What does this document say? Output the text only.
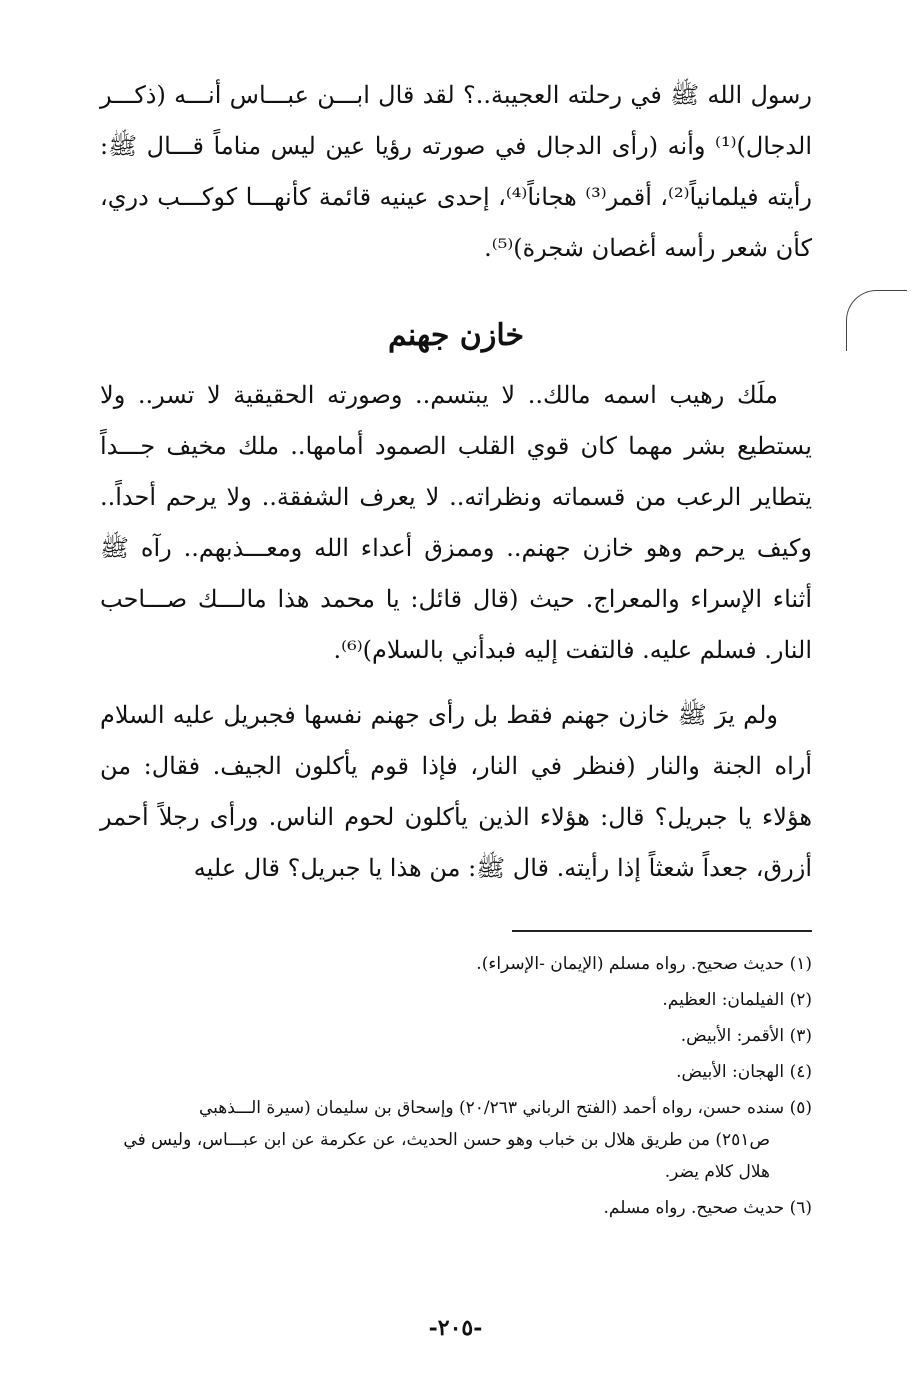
رسول الله ﷺ في رحلته العجيبة..؟ لقد قال ابـــن عبـــاس أنـــه (ذكـــر الدجال)⁽¹⁾ وأنه (رأى الدجال في صورته رؤيا عين ليس مناماً قـــال ﷺ: رأيته فيلمانياً⁽²⁾، أقمر⁽³⁾ هجاناً⁽⁴⁾، إحدى عينيه قائمة كأنهـــا كوكـــب دري، كأن شعر رأسه أغصان شجرة)⁽⁵⁾.

خازن جهنم

ملَك رهيب اسمه مالك.. لا يبتسم.. وصورته الحقيقية لا تسر.. ولا يستطيع بشر مهما كان قوي القلب الصمود أمامها.. ملك مخيف جـــداً يتطاير الرعب من قسماته ونظراته.. لا يعرف الشفقة.. ولا يرحم أحداً.. وكيف يرحم وهو خازن جهنم.. وممزق أعداء الله ومعـــذبهم.. رآه ﷺ أثناء الإسراء والمعراج. حيث (قال قائل: يا محمد هذا مالـــك صـــاحب النار. فسلم عليه. فالتفت إليه فبدأني بالسلام)⁽⁶⁾.

ولم يرَ ﷺ خازن جهنم فقط بل رأى جهنم نفسها فجبريل عليه السلام أراه الجنة والنار (فنظر في النار، فإذا قوم يأكلون الجيف. فقال: من هؤلاء يا جبريل؟ قال: هؤلاء الذين يأكلون لحوم الناس. ورأى رجلاً أحمر أزرق، جعداً شعثاً إذا رأيته. قال ﷺ: من هذا يا جبريل؟ قال عليه

(١) حديث صحيح. رواه مسلم (الإيمان -الإسراء).
(٢) الفيلمان: العظيم.
(٣) الأقمر: الأبيض.
(٤) الهجان: الأبيض.
(٥) سنده حسن، رواه أحمد (الفتح الرباني ٢٠/٢٦٣) وإسحاق بن سليمان (سيرة الـــذهبي
ص٢٥١) من طريق هلال بن خباب وهو حسن الحديث، عن عكرمة عن ابن عبـــاس، وليس في هلال كلام يضر.
(٦) حديث صحيح. رواه مسلم.
-٢٠٥-
